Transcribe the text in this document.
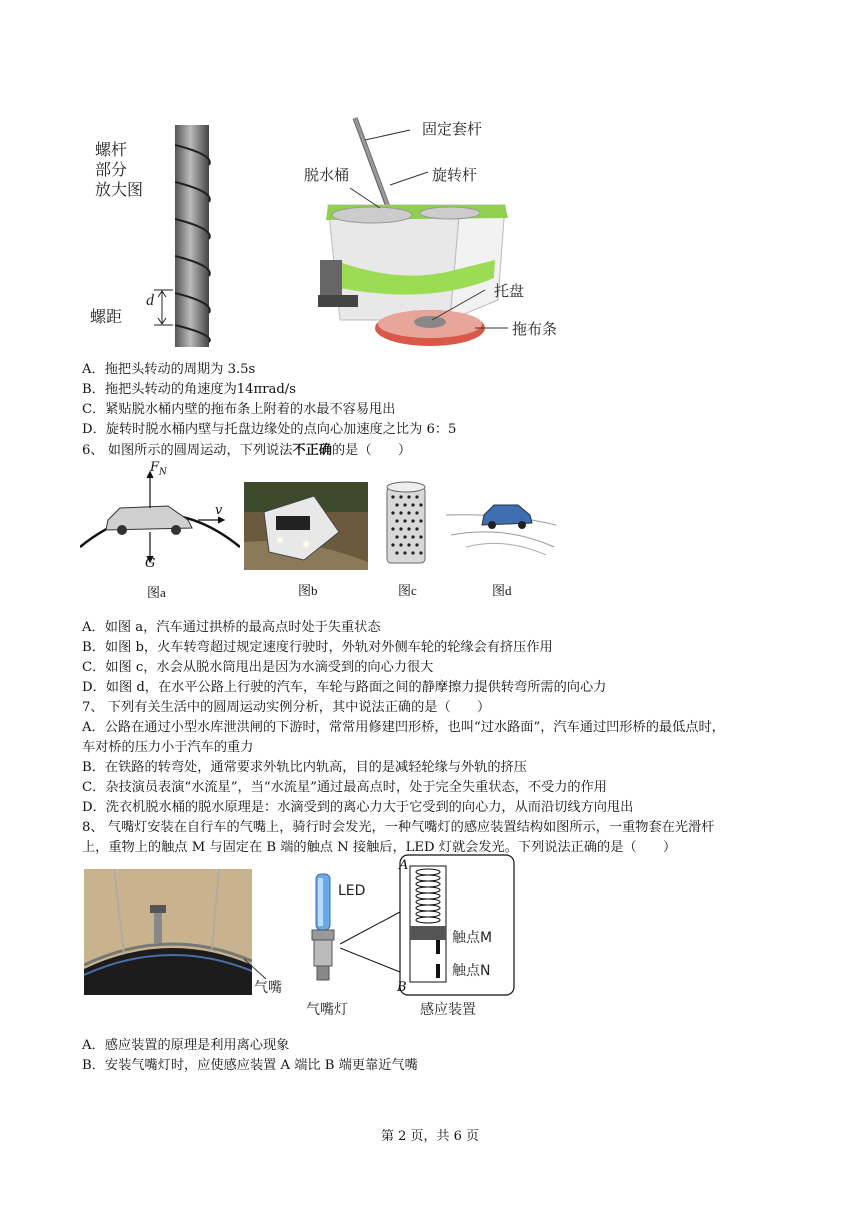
螺杆
部分
放大图
d
螺距
固定套杆
脱水桶	旋转杆
托盘
拖布条
A．拖把头转动的周期为 3.5s
B．拖把头转动的角速度为14πrad/s
C．紧贴脱水桶内壁的拖布条上附着的水最不容易甩出
D．旋转时脱水桶内壁与托盘边缘处的点向心加速度之比为 6：5
6、 如图所示的圆周运动，下列说法不正确的是（　　）
$F_N$
v
G
图a	图b	图c	图d
A．如图 a，汽车通过拱桥的最高点时处于失重状态
B．如图 b，火车转弯超过规定速度行驶时，外轨对外侧车轮的轮缘会有挤压作用
C．如图 c，水会从脱水筒甩出是因为水滴受到的向心力很大
D．如图 d，在水平公路上行驶的汽车，车轮与路面之间的静摩擦力提供转弯所需的向心力
7、 下列有关生活中的圆周运动实例分析，其中说法正确的是（　　）
A．公路在通过小型水库泄洪闸的下游时，常常用修建凹形桥，也叫“过水路面”，汽车通过凹形桥的最低点时，
车对桥的压力小于汽车的重力
B．在铁路的转弯处，通常要求外轨比内轨高，目的是减轻轮缘与外轨的挤压
C．杂技演员表演“水流星”，当“水流星”通过最高点时，处于完全失重状态，不受力的作用
D．洗衣机脱水桶的脱水原理是：水滴受到的离心力大于它受到的向心力，从而沿切线方向甩出
8、 气嘴灯安装在自行车的气嘴上，骑行时会发光，一种气嘴灯的感应装置结构如图所示，一重物套在光滑杆
上，重物上的触点 M 与固定在 B 端的触点 N 接触后，LED 灯就会发光。下列说法正确的是（　　）
气嘴
LED
气嘴灯
A
B
触点M
触点N
感应装置
A．感应装置的原理是利用离心现象
B．安装气嘴灯时，应使感应装置 A 端比 B 端更靠近气嘴
第 2 页，共 6 页
